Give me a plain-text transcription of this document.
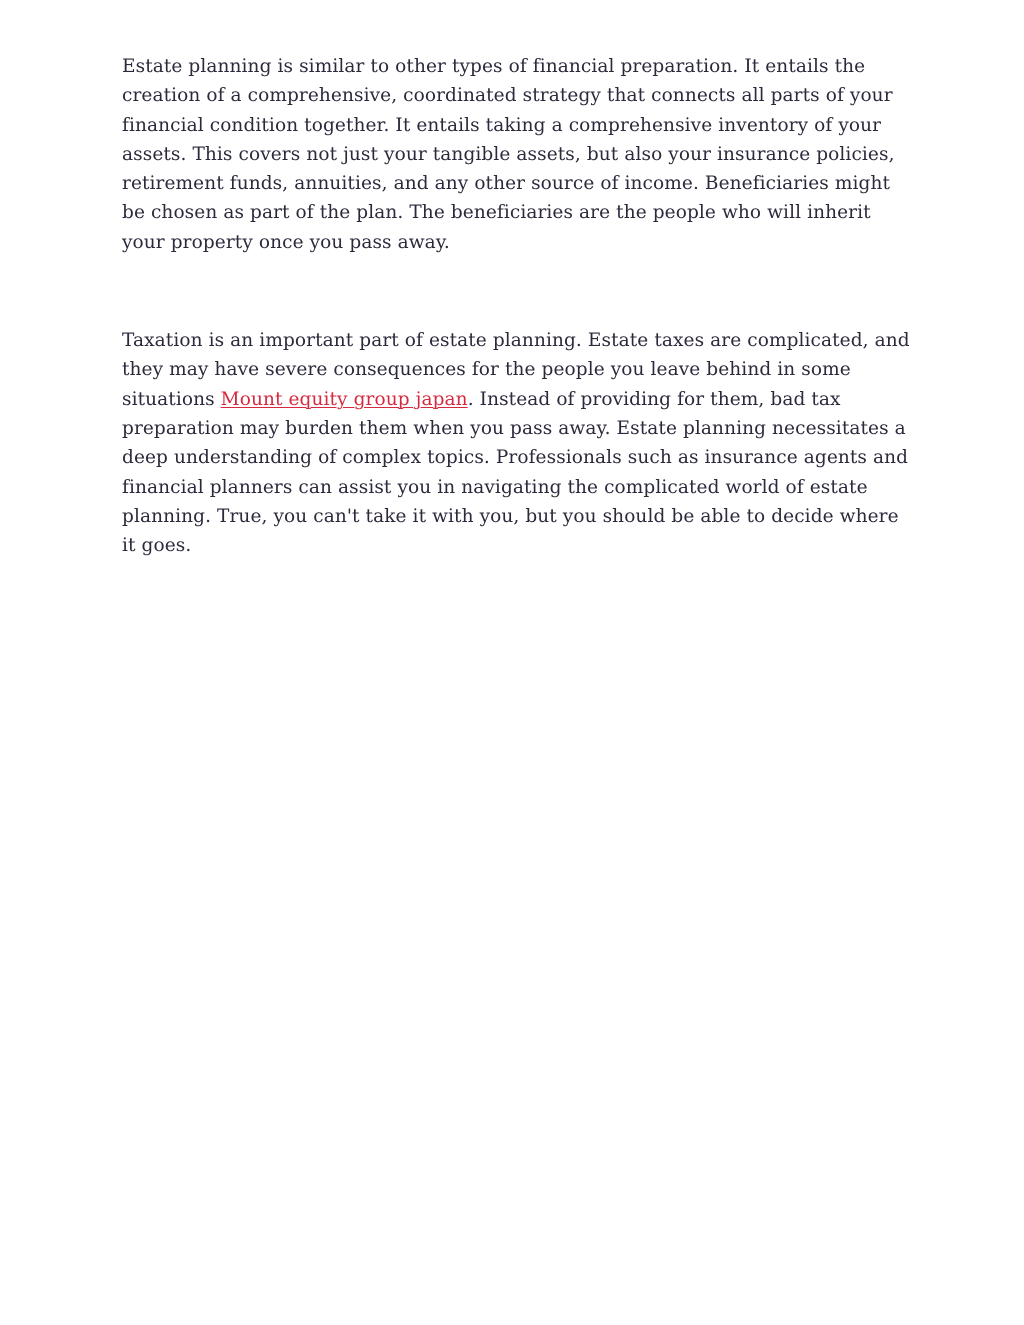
Estate planning is similar to other types of financial preparation. It entails the creation of a comprehensive, coordinated strategy that connects all parts of your financial condition together. It entails taking a comprehensive inventory of your assets. This covers not just your tangible assets, but also your insurance policies, retirement funds, annuities, and any other source of income. Beneficiaries might be chosen as part of the plan. The beneficiaries are the people who will inherit your property once you pass away.

Taxation is an important part of estate planning. Estate taxes are complicated, and they may have severe consequences for the people you leave behind in some situations Mount equity group japan. Instead of providing for them, bad tax preparation may burden them when you pass away. Estate planning necessitates a deep understanding of complex topics. Professionals such as insurance agents and financial planners can assist you in navigating the complicated world of estate planning. True, you can't take it with you, but you should be able to decide where it goes.
